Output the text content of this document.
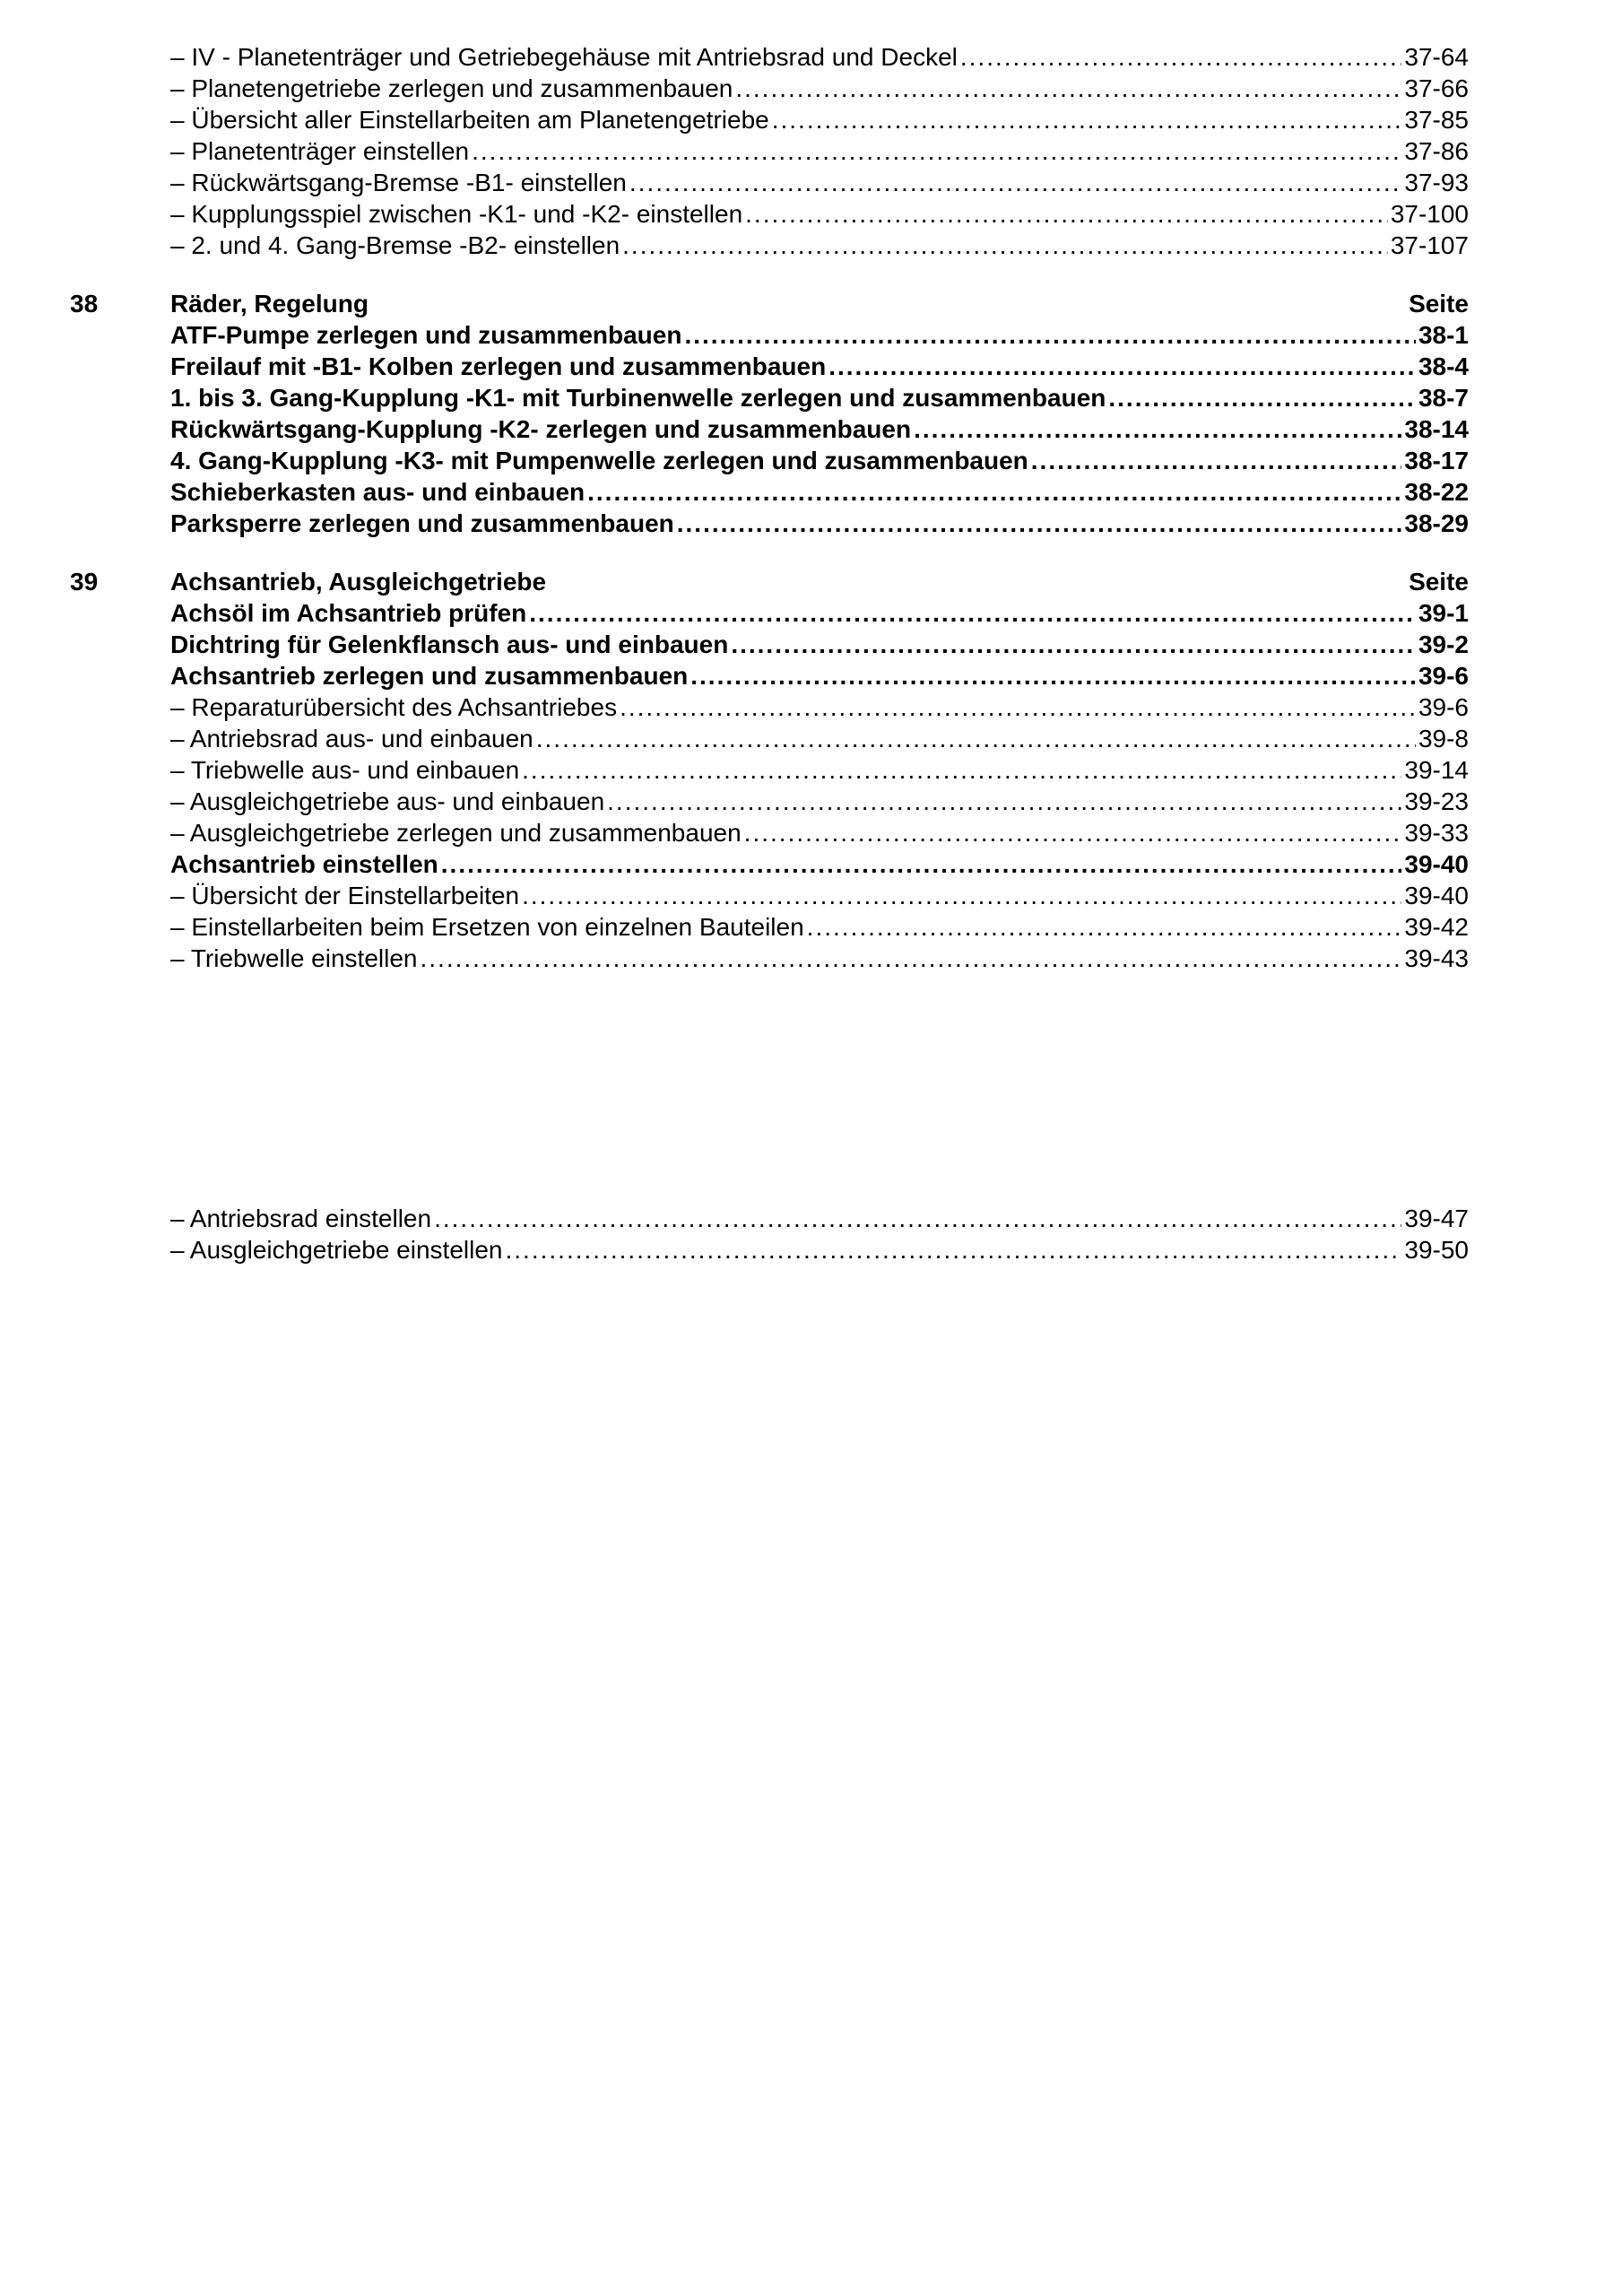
– IV - Planetenträger und Getriebegehäuse mit Antriebsrad und Deckel .....	37-64
– Planetengetriebe zerlegen und zusammenbauen .....	37-66
– Übersicht aller Einstellarbeiten am Planetengetriebe .....	37-85
– Planetenträger einstellen .....	37-86
– Rückwärtsgang-Bremse -B1- einstellen .....	37-93
– Kupplungsspiel zwischen -K1- und -K2- einstellen .....	37-100
– 2. und 4. Gang-Bremse -B2- einstellen .....	37-107
38	Räder, Regelung	Seite
ATF-Pumpe zerlegen und zusammenbauen .....	38-1
Freilauf mit -B1- Kolben zerlegen und zusammenbauen .....	38-4
1. bis 3. Gang-Kupplung -K1- mit Turbinenwelle zerlegen und zusammenbauen .....	38-7
Rückwärtsgang-Kupplung -K2- zerlegen und zusammenbauen .....	38-14
4. Gang-Kupplung -K3- mit Pumpenwelle zerlegen und zusammenbauen .....	38-17
Schieberkasten aus- und einbauen .....	38-22
Parksperre zerlegen und zusammenbauen .....	38-29
39	Achsantrieb, Ausgleichgetriebe	Seite
Achsöl im Achsantrieb prüfen .....	39-1
Dichtring für Gelenkflansch aus- und einbauen .....	39-2
Achsantrieb zerlegen und zusammenbauen .....	39-6
– Reparaturübersicht des Achsantriebes .....	39-6
– Antriebsrad aus- und einbauen .....	39-8
– Triebwelle aus- und einbauen .....	39-14
– Ausgleichgetriebe aus- und einbauen .....	39-23
– Ausgleichgetriebe zerlegen und zusammenbauen .....	39-33
Achsantrieb einstellen .....	39-40
– Übersicht der Einstellarbeiten .....	39-40
– Einstellarbeiten beim Ersetzen von einzelnen Bauteilen .....	39-42
– Triebwelle einstellen .....	39-43
– Antriebsrad einstellen .....	39-47
– Ausgleichgetriebe einstellen .....	39-50
